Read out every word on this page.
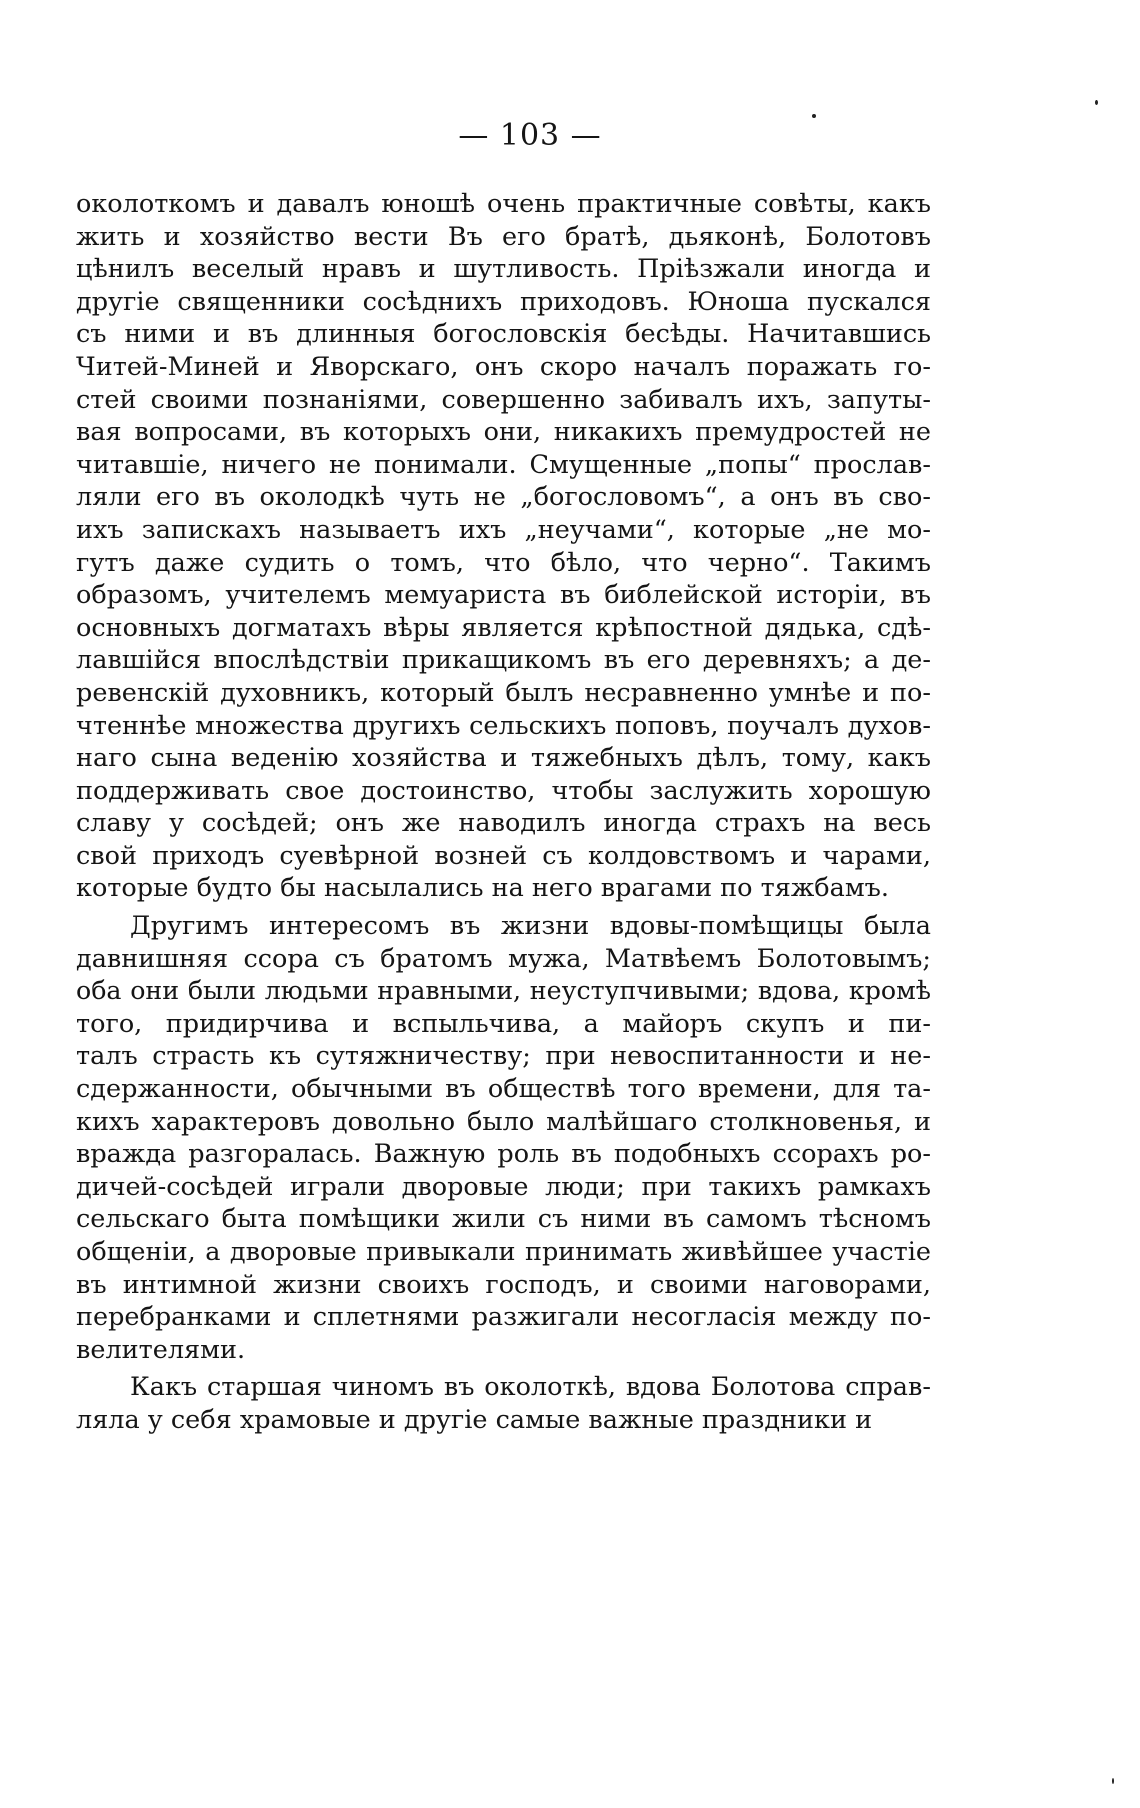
— 103 —
околоткомъ и давалъ юношѣ очень практичные совѣты, какъ
жить и хозяйство вести Въ его братѣ, дьяконѣ, Болотовъ
цѣнилъ веселый нравъ и шутливость. Пріѣзжали иногда и
другіе священники сосѣднихъ приходовъ. Юноша пускался
съ ними и въ длинныя богословскія бесѣды. Начитавшись
Читей-Миней и Яворскаго, онъ скоро началъ поражать го-
стей своими познаніями, совершенно забивалъ ихъ, запуты-
вая вопросами, въ которыхъ они, никакихъ премудростей не
читавшіе, ничего не понимали. Смущенные „попы“ прослав-
ляли его въ околодкѣ чуть не „богословомъ“, а онъ въ сво-
ихъ запискахъ называетъ ихъ „неучами“, которые „не мо-
гутъ даже судить о томъ, что бѣло, что черно“. Такимъ
образомъ, учителемъ мемуариста въ библейской исторіи, въ
основныхъ догматахъ вѣры является крѣпостной дядька, сдѣ-
лавшійся впослѣдствіи прикащикомъ въ его деревняхъ; а де-
ревенскій духовникъ, который былъ несравненно умнѣе и по-
чтеннѣе множества другихъ сельскихъ поповъ, поучалъ духов-
наго сына веденію хозяйства и тяжебныхъ дѣлъ, тому, какъ
поддерживать свое достоинство, чтобы заслужить хорошую
славу у сосѣдей; онъ же наводилъ иногда страхъ на весь
свой приходъ суевѣрной возней съ колдовствомъ и чарами,
которые будто бы насылались на него врагами по тяжбамъ.
Другимъ интересомъ въ жизни вдовы-помѣщицы была
давнишняя ссора съ братомъ мужа, Матвѣемъ Болотовымъ;
оба они были людьми нравными, неуступчивыми; вдова, кромѣ
того, придирчива и вспыльчива, а майоръ скупъ и пи-
талъ страсть къ сутяжничеству; при невоспитанности и не-
сдержанности, обычными въ обществѣ того времени, для та-
кихъ характеровъ довольно было малѣйшаго столкновенья, и
вражда разгоралась. Важную роль въ подобныхъ ссорахъ ро-
дичей-сосѣдей играли дворовые люди; при такихъ рамкахъ
сельскаго быта помѣщики жили съ ними въ самомъ тѣсномъ
общеніи, а дворовые привыкали принимать живѣйшее участіе
въ интимной жизни своихъ господъ, и своими наговорами,
перебранками и сплетнями разжигали несогласія между по-
велителями.
Какъ старшая чиномъ въ околоткѣ, вдова Болотова справ-
ляла у себя храмовые и другіе самые важные праздники и
